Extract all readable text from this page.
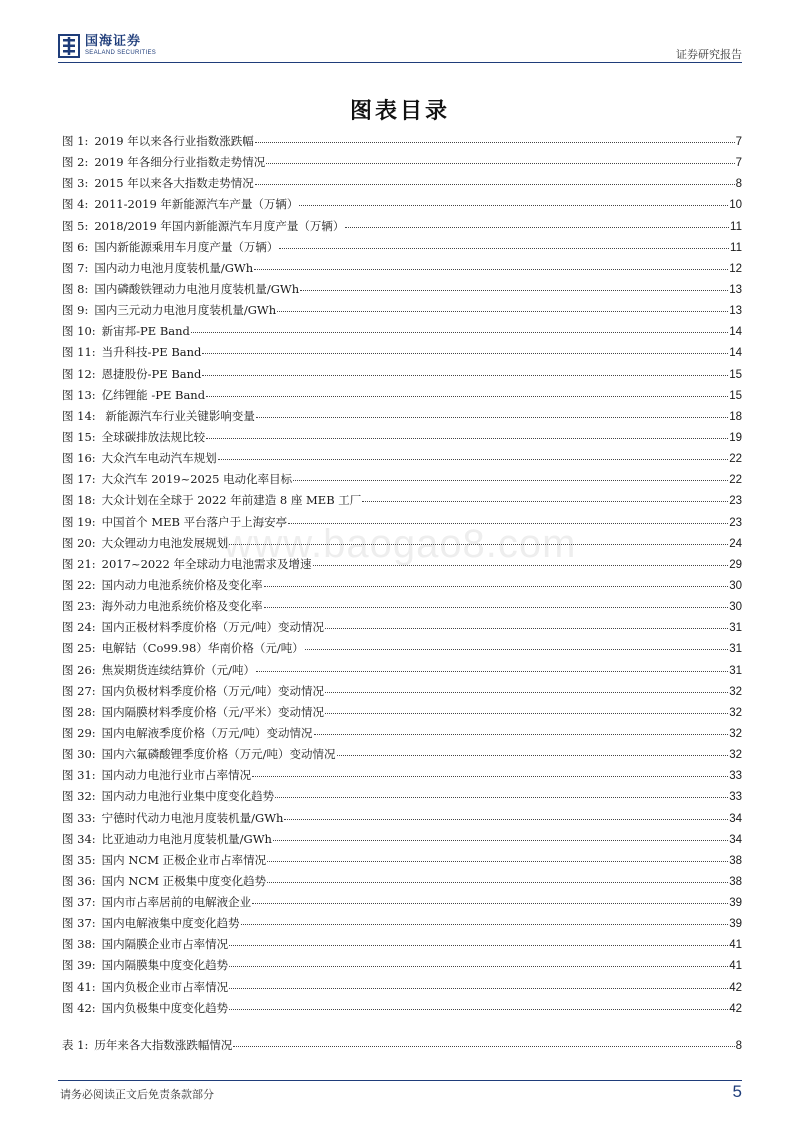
国海证券
SEALAND SECURITIES	证券研究报告
图表目录
www.baogao8.com
图 1: 2019 年以来各行业指数涨跌幅	7
图 2: 2019 年各细分行业指数走势情况	7
图 3: 2015 年以来各大指数走势情况	8
图 4: 2011-2019 年新能源汽车产量（万辆）	10
图 5: 2018/2019 年国内新能源汽车月度产量（万辆）	11
图 6: 国内新能源乘用车月度产量（万辆）	11
图 7: 国内动力电池月度装机量/GWh	12
图 8: 国内磷酸铁锂动力电池月度装机量/GWh	13
图 9: 国内三元动力电池月度装机量/GWh	13
图 10: 新宙邦-PE Band	14
图 11: 当升科技-PE Band	14
图 12: 恩捷股份-PE Band	15
图 13: 亿纬锂能 -PE Band	15
图 14: 新能源汽车行业关键影响变量	18
图 15: 全球碳排放法规比较	19
图 16: 大众汽车电动汽车规划	22
图 17: 大众汽车 2019~2025 电动化率目标	22
图 18: 大众计划在全球于 2022 年前建造 8 座 MEB 工厂	23
图 19: 中国首个 MEB 平台落户于上海安亭	23
图 20: 大众锂动力电池发展规划	24
图 21: 2017~2022 年全球动力电池需求及增速	29
图 22: 国内动力电池系统价格及变化率	30
图 23: 海外动力电池系统价格及变化率	30
图 24: 国内正极材料季度价格（万元/吨）变动情况	31
图 25: 电解钴（Co99.98）华南价格（元/吨）	31
图 26: 焦炭期货连续结算价（元/吨）	31
图 27: 国内负极材料季度价格（万元/吨）变动情况	32
图 28: 国内隔膜材料季度价格（元/平米）变动情况	32
图 29: 国内电解液季度价格（万元/吨）变动情况	32
图 30: 国内六氟磷酸锂季度价格（万元/吨）变动情况	32
图 31: 国内动力电池行业市占率情况	33
图 32: 国内动力电池行业集中度变化趋势	33
图 33: 宁德时代动力电池月度装机量/GWh	34
图 34: 比亚迪动力电池月度装机量/GWh	34
图 35: 国内 NCM 正极企业市占率情况	38
图 36: 国内 NCM 正极集中度变化趋势	38
图 37: 国内市占率居前的电解液企业	39
图 37: 国内电解液集中度变化趋势	39
图 38: 国内隔膜企业市占率情况	41
图 39: 国内隔膜集中度变化趋势	41
图 41: 国内负极企业市占率情况	42
图 42: 国内负极集中度变化趋势	42
表 1: 历年来各大指数涨跌幅情况	8
请务必阅读正文后免责条款部分	5
